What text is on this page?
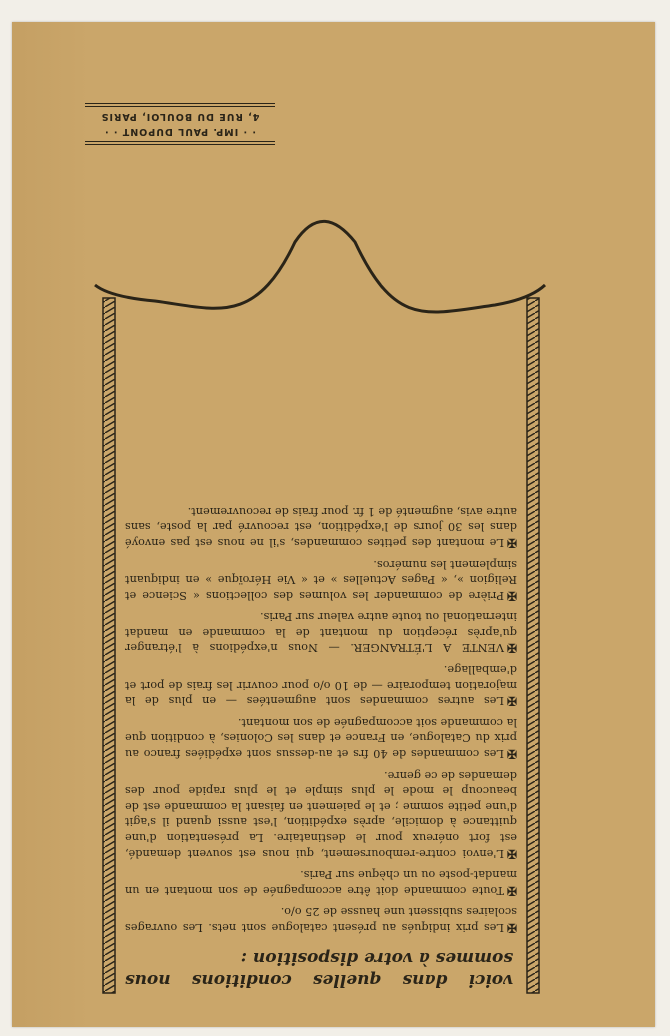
voici dans quelles conditions nous sommes à votre disposition :

✠Les prix indiqués au présent catalogue sont nets. Les ouvrages scolaires subissent une hausse de 25 o/o.

✠Toute commande doit être accompagnée de son montant en un mandat-poste ou un chèque sur Paris.

✠L'envoi contre-remboursement, qui nous est souvent demandé, est fort onéreux pour le destinataire. La présentation d'une quittance à domicile, après expédition, l'est aussi quand il s'agit d'une petite somme ; et le paiement en faisant la commande est de beaucoup le mode le plus simple et le plus rapide pour des demandes de ce genre.

✠Les commandes de 40 frs et au-dessus sont expédiées franco au prix du Catalogue, en France et dans les Colonies, à condition que la commande soit accompagnée de son montant.

✠Les autres commandes sont augmentées — en plus de la majoration temporaire — de 10 o/o pour couvrir les frais de port et d'emballage.

✠VENTE A L'ÉTRANGER. — Nous n'expédions à l'étranger qu'après réception du montant de la commande en mandat international ou toute autre valeur sur Paris.

✠Prière de commander les volumes des collections « Science et Religion », « Pages Actuelles » et « Vie Héroïque » en indiquant simplement les numéros.

✠Le montant des petites commandes, s'il ne nous est pas envoyé dans les 30 jours de l'expédition, est recouvré par la poste, sans autre avis, augmenté de 1 fr. pour frais de recouvrement.

· · IMP. PAUL DUPONT · ·
4, RUE DU BOULOI, PARIS
